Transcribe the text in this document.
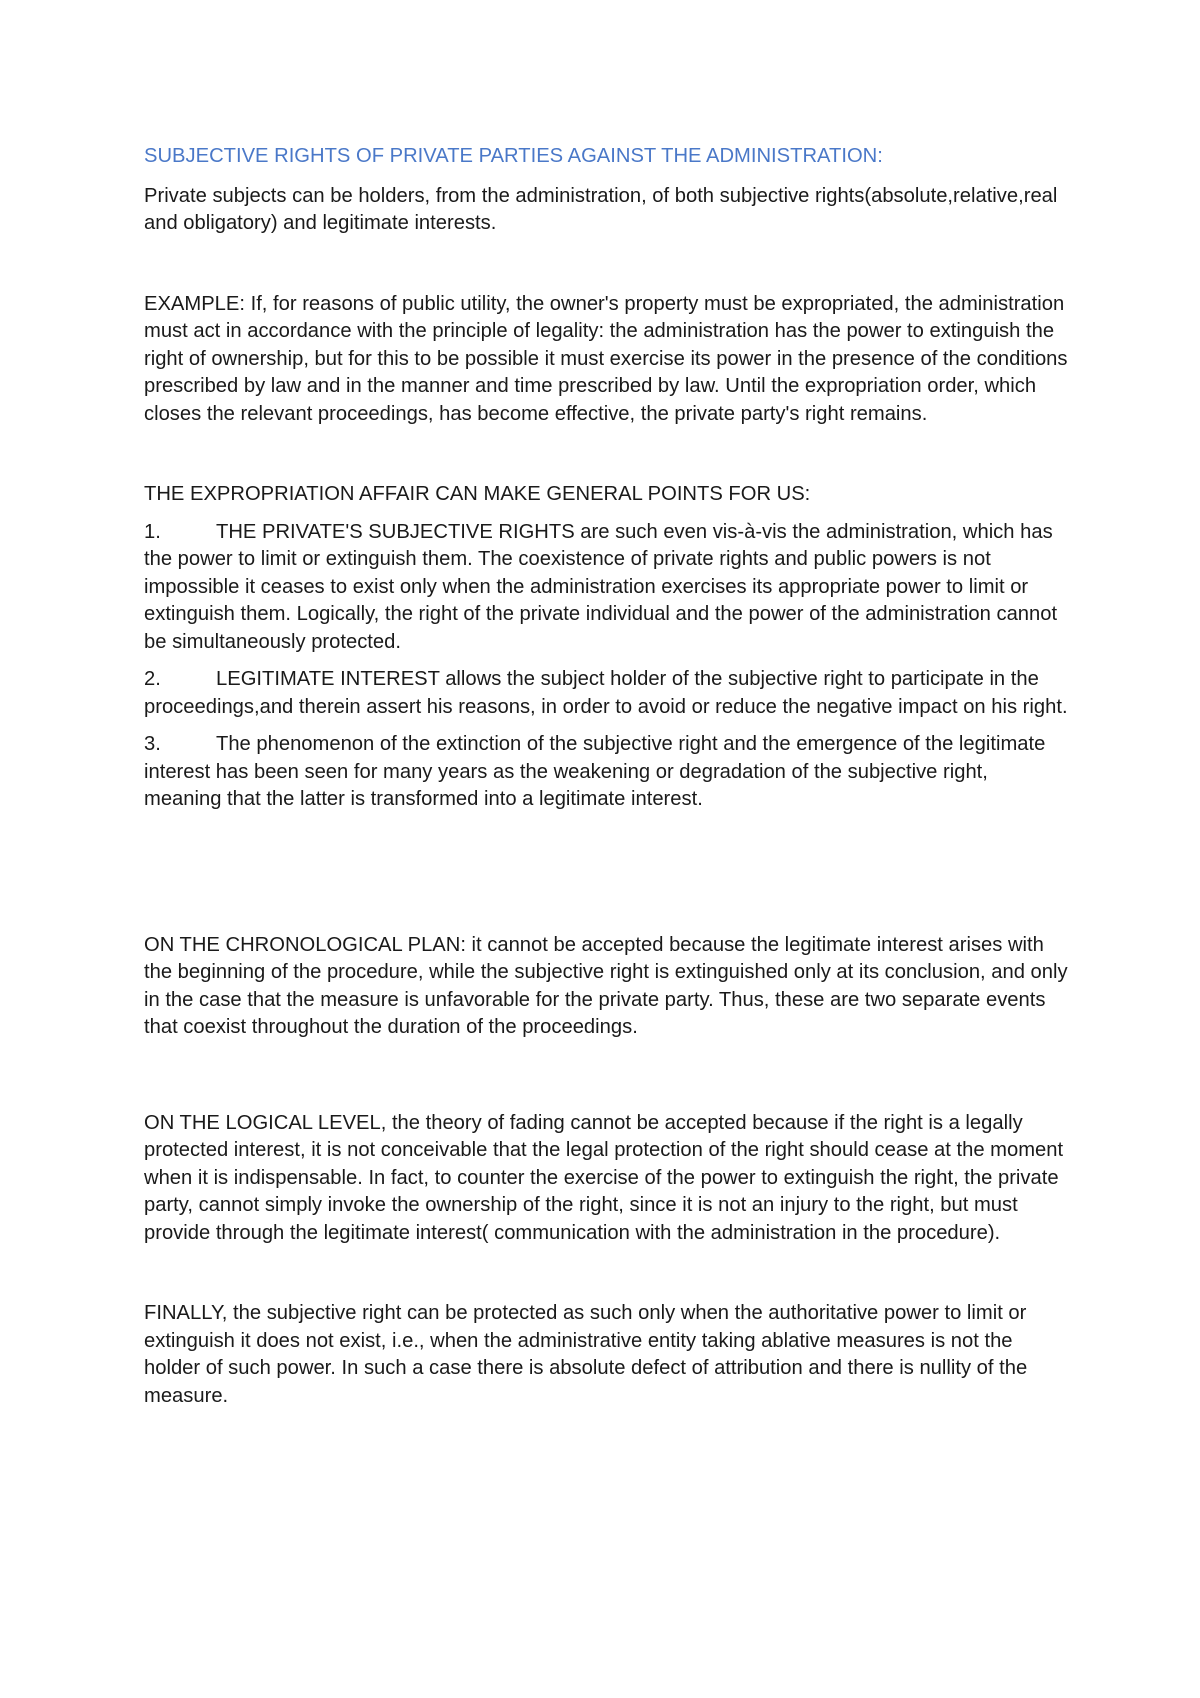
SUBJECTIVE RIGHTS OF PRIVATE PARTIES AGAINST THE ADMINISTRATION:

Private subjects can be holders, from the administration, of both subjective rights(absolute,relative,real and obligatory) and legitimate interests.

EXAMPLE: If, for reasons of public utility, the owner's property must be expropriated, the administration must act in accordance with the principle of legality: the administration has the power to extinguish the right of ownership, but for this to be possible it must exercise its power in the presence of the conditions prescribed by law and in the manner and time prescribed by law. Until the expropriation order, which closes the relevant proceedings, has become effective, the private party's right remains.

THE EXPROPRIATION AFFAIR CAN MAKE GENERAL POINTS FOR US:

1.	THE PRIVATE'S SUBJECTIVE RIGHTS are such even vis-à-vis the administration, which has the power to limit or extinguish them. The coexistence of private rights and public powers is not impossible it ceases to exist only when the administration exercises its appropriate power to limit or extinguish them. Logically, the right of the private individual and the power of the administration cannot be simultaneously protected.

2.	LEGITIMATE INTEREST allows the subject holder of the subjective right to participate in the proceedings,and therein assert his reasons, in order to avoid or reduce the negative impact on his right.

3.	The phenomenon of the extinction of the subjective right and the emergence of the legitimate interest has been seen for many years as the weakening or degradation of the subjective right, meaning that the latter is transformed into a legitimate interest.

ON THE CHRONOLOGICAL PLAN: it cannot be accepted because the legitimate interest arises with the beginning of the procedure, while the subjective right is extinguished only at its conclusion, and only in the case that the measure is unfavorable for the private party. Thus, these are two separate events that coexist throughout the duration of the proceedings.

ON THE LOGICAL LEVEL, the theory of fading cannot be accepted because if the right is a legally protected interest, it is not conceivable that the legal protection of the right should cease at the moment when it is indispensable. In fact, to counter the exercise of the power to extinguish the right, the private party, cannot simply invoke the ownership of the right, since it is not an injury to the right, but must provide through the legitimate interest( communication with the administration in the procedure).

FINALLY, the subjective right can be protected as such only when the authoritative power to limit or extinguish it does not exist, i.e., when the administrative entity taking ablative measures is not the holder of such power. In such a case there is absolute defect of attribution and there is nullity of the measure.
